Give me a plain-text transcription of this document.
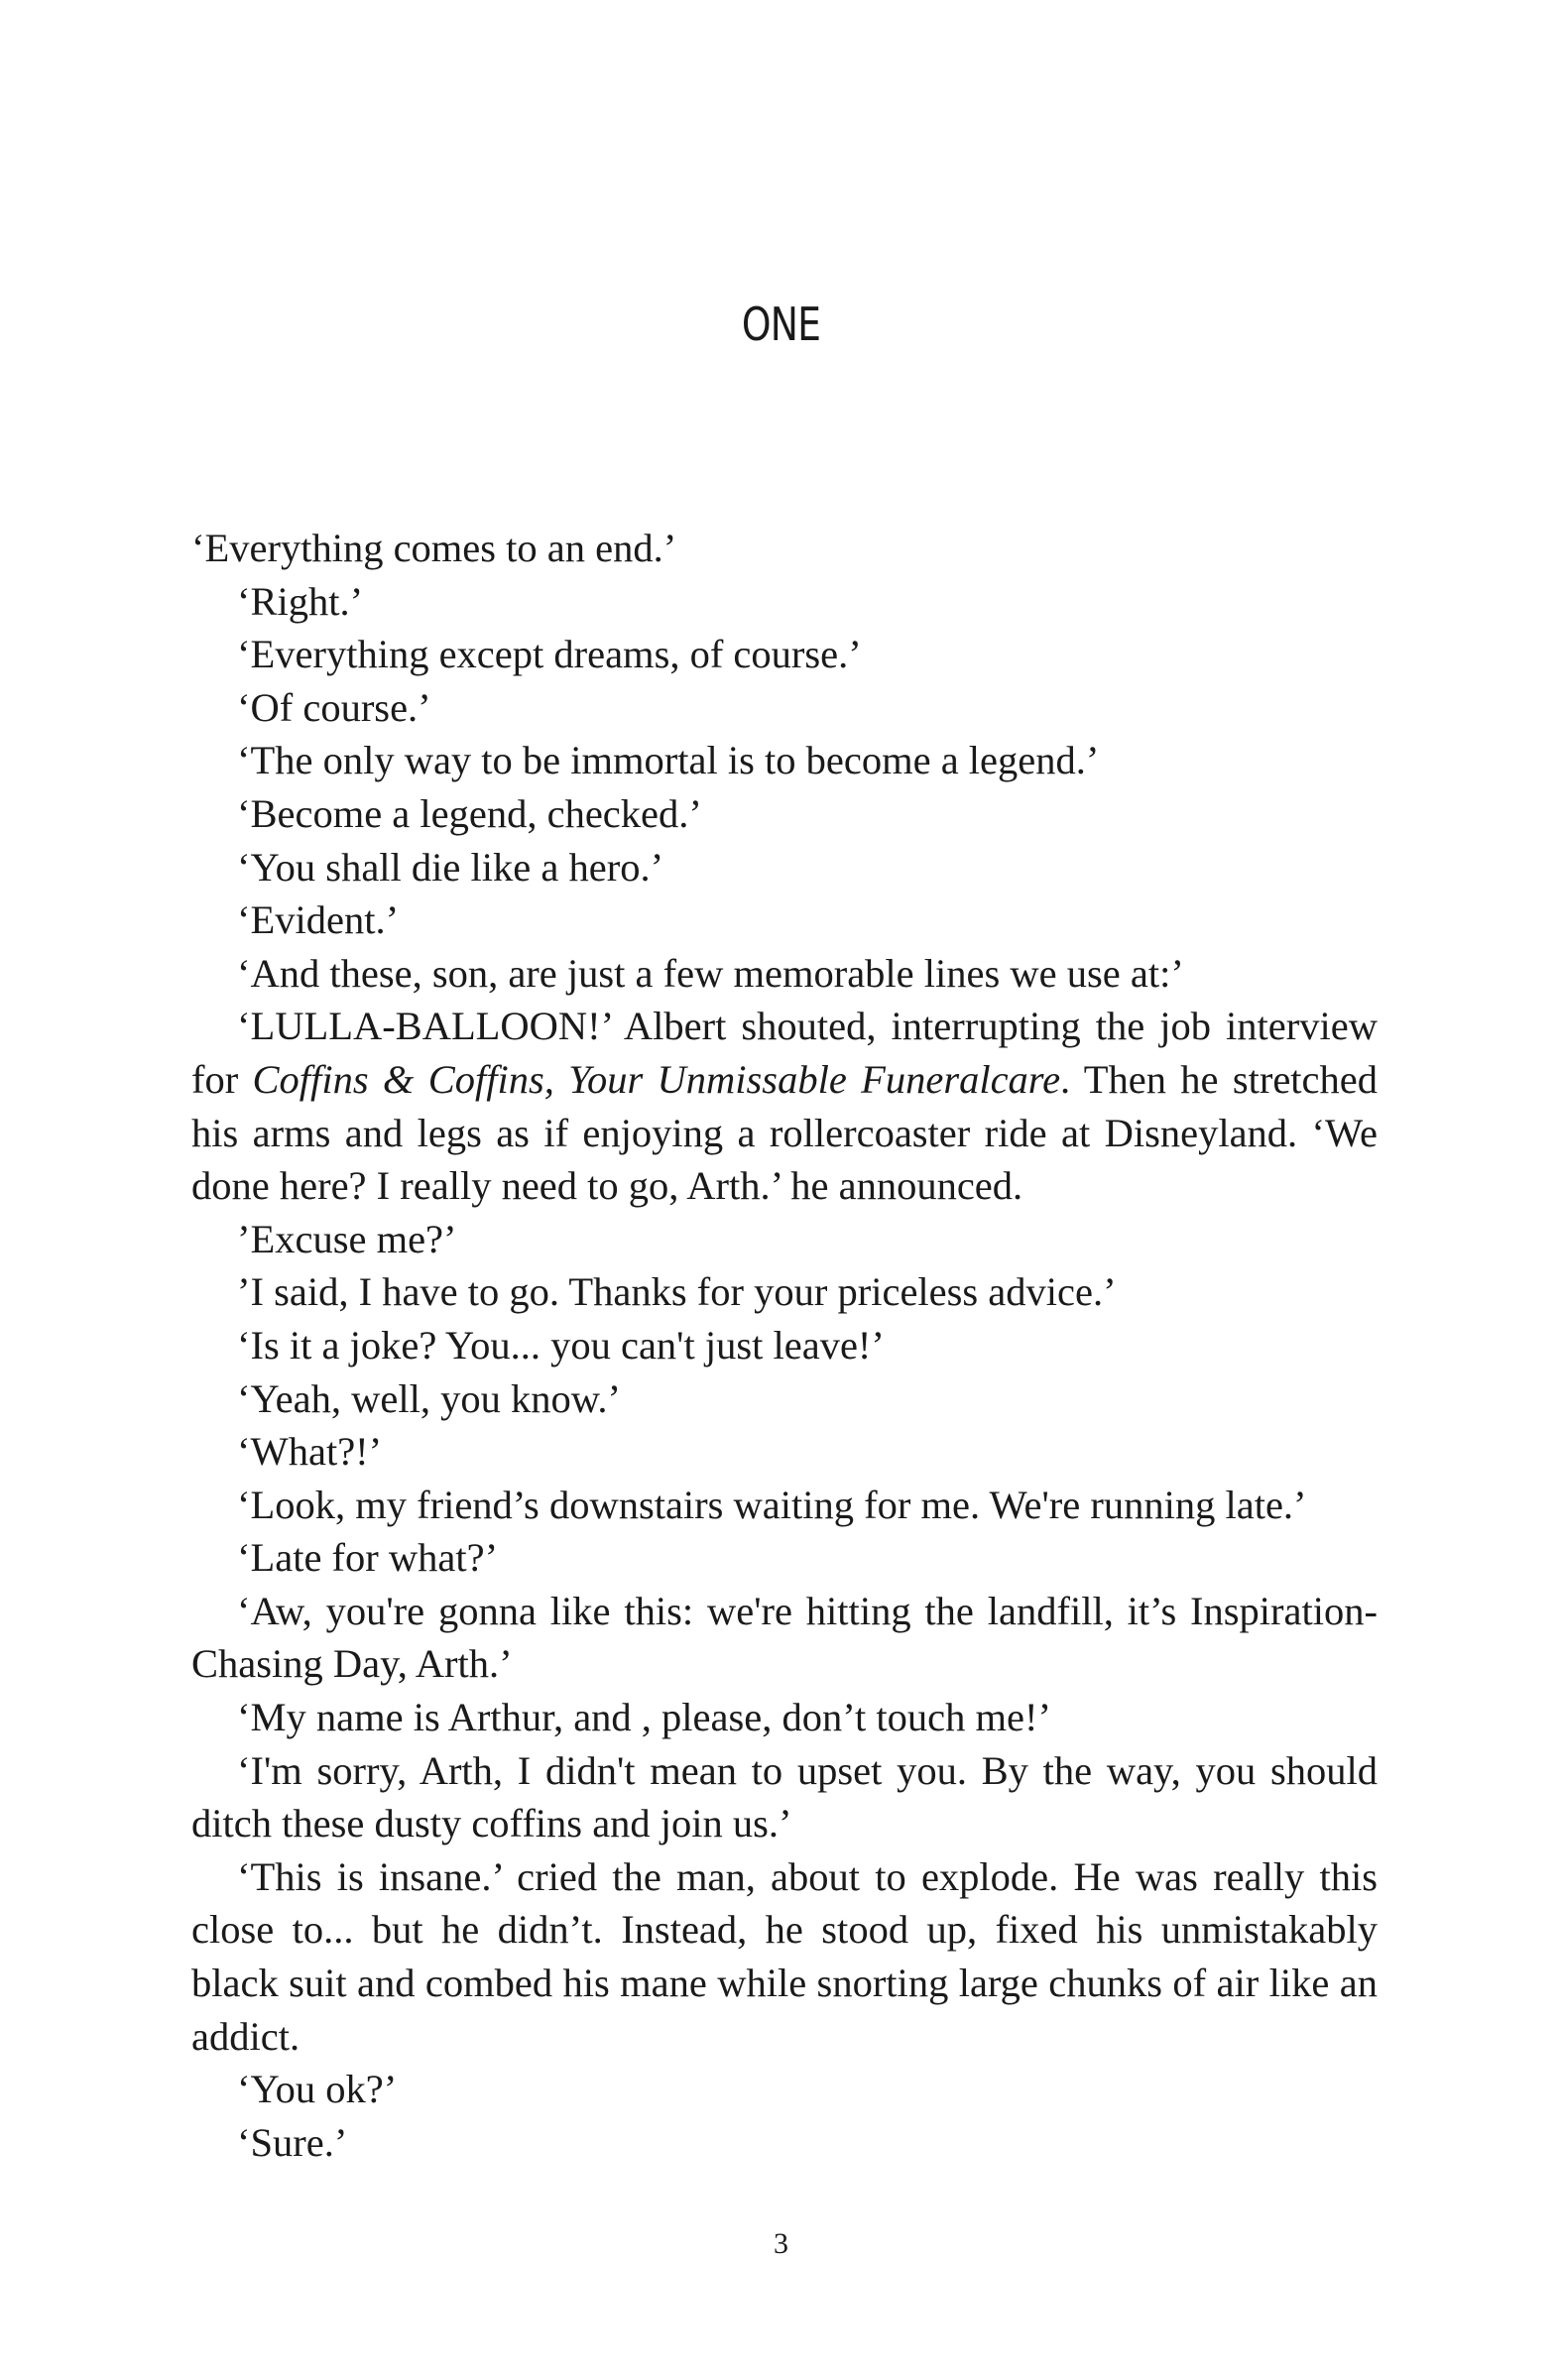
ONE

‘Everything comes to an end.’

‘Right.’

‘Everything except dreams, of course.’

‘Of course.’

‘The only way to be immortal is to become a legend.’

‘Become a legend, checked.’

‘You shall die like a hero.’

‘Evident.’

‘And these, son, are just a few memorable lines we use at:’

‘LULLA-BALLOON!’ Albert shouted, interrupting the job interview for Coffins & Coffins, Your Unmissable Funeralcare. Then he stretched his arms and legs as if enjoying a rollercoaster ride at Disneyland. ‘We done here? I really need to go, Arth.’ he announced.

’Excuse me?’

’I said, I have to go. Thanks for your priceless advice.’

‘Is it a joke? You... you can't just leave!’

‘Yeah, well, you know.’

‘What?!’

‘Look, my friend’s downstairs waiting for me. We're running late.’

‘Late for what?’

‘Aw, you're gonna like this: we're hitting the landfill, it’s Inspiration-Chasing Day, Arth.’

‘My name is Arthur, and , please, don’t touch me!’

‘I'm sorry, Arth, I didn't mean to upset you. By the way, you should ditch these dusty coffins and join us.’

‘This is insane.’ cried the man, about to explode. He was really this close to... but he didn’t. Instead, he stood up, fixed his unmistakably black suit and combed his mane while snorting large chunks of air like an addict.

‘You ok?’

‘Sure.’

3
